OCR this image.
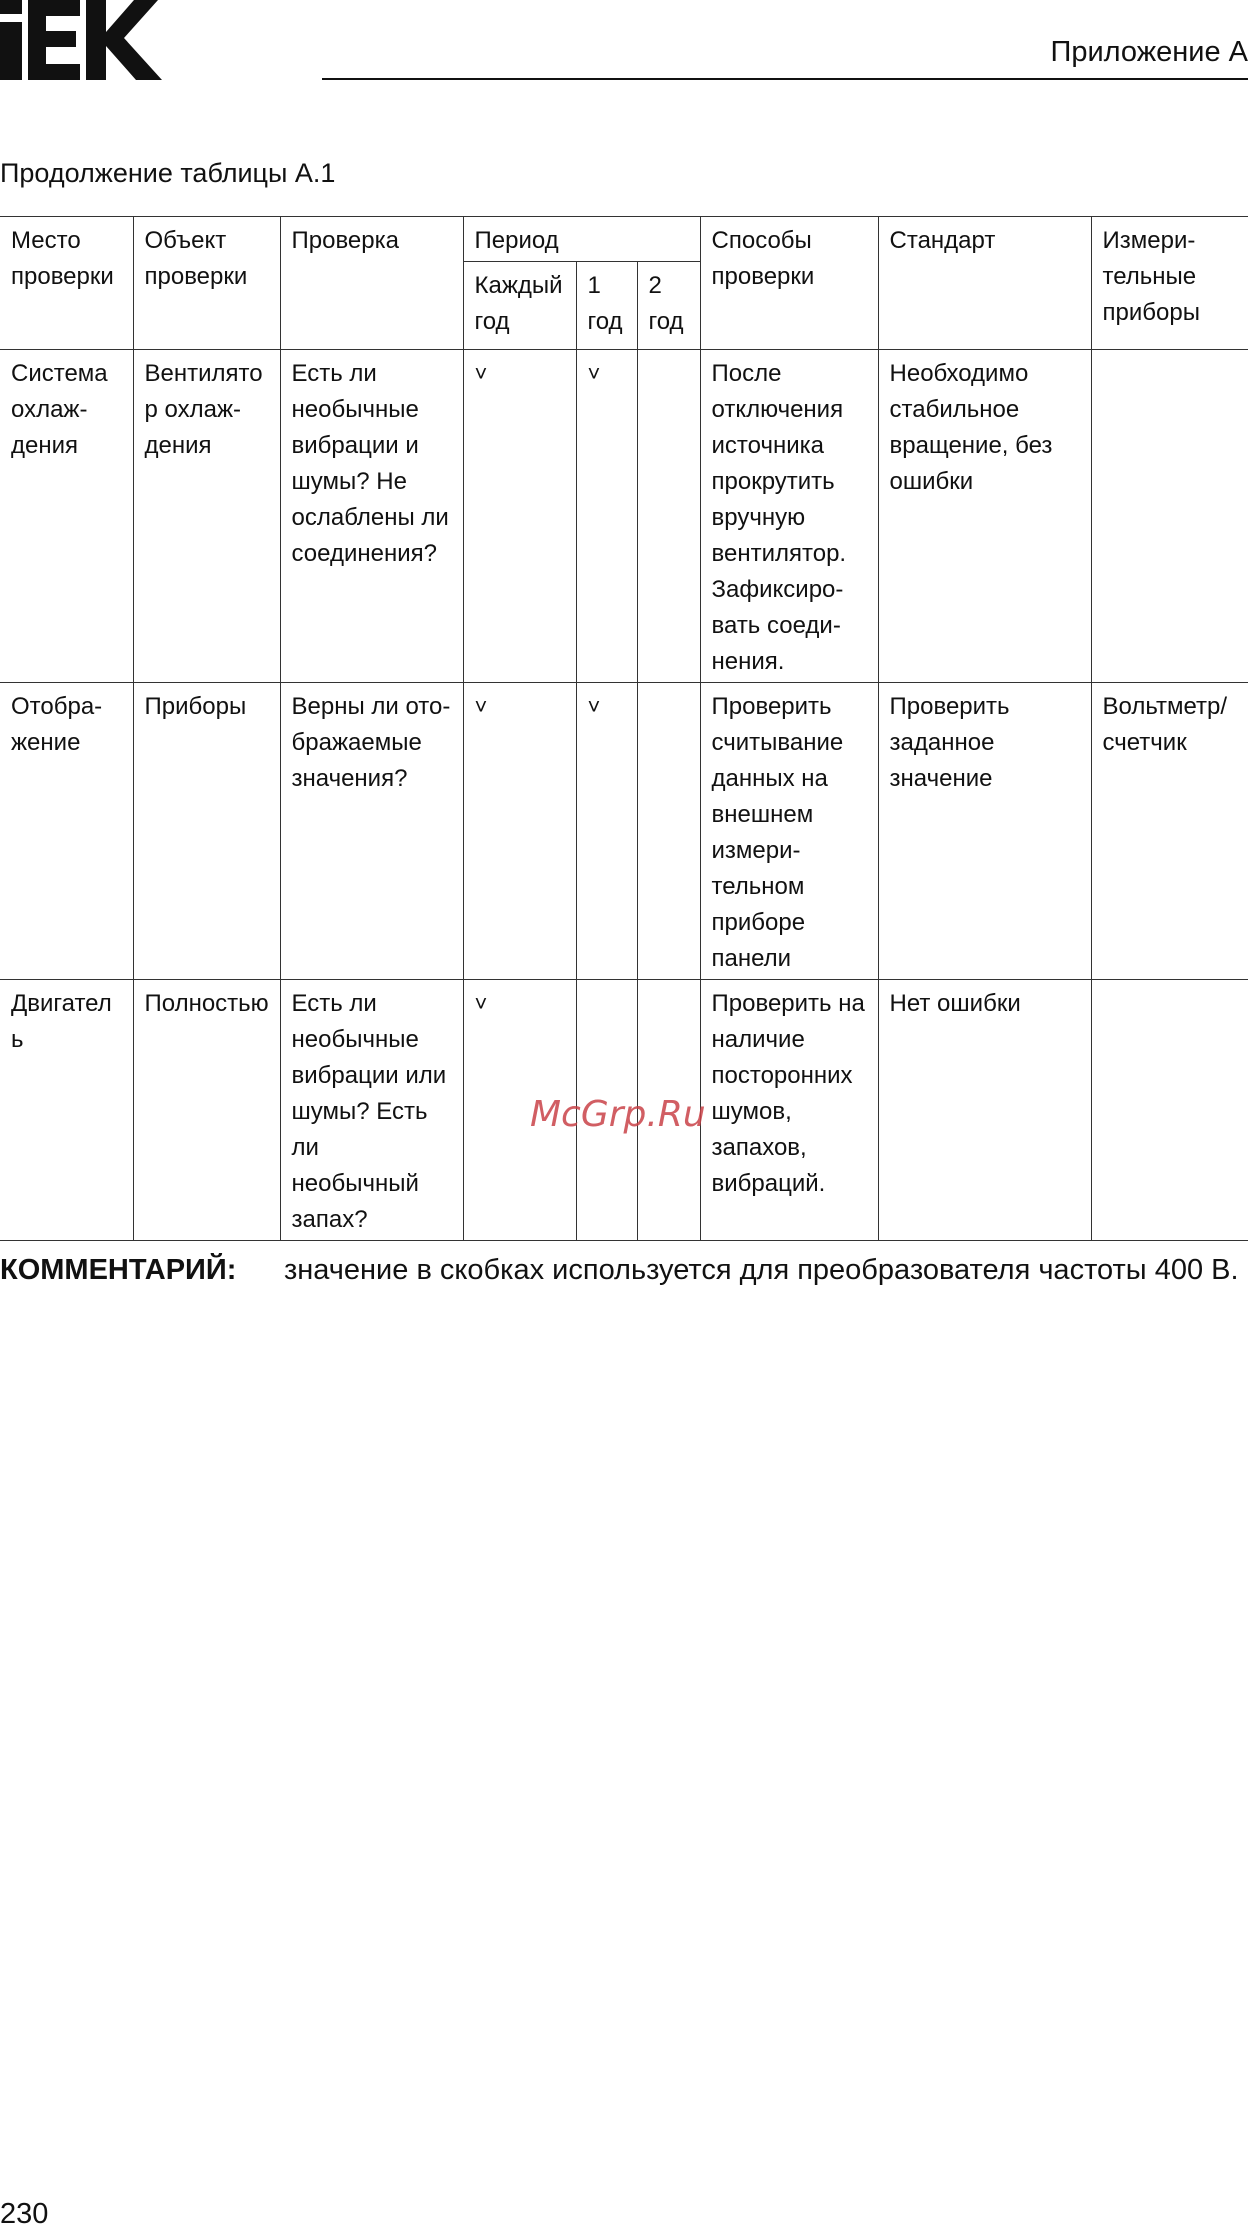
Приложение А
Продолжение таблицы А.1
Место проверки	Объект проверки	Проверка	Период			Способы проверки	Стандарт	Измери-тельные приборы
			Каждый год	1 год	2 год			
Система охлаж-дения	Вентилятор охлаж-дения	Есть ли необычные вибрации и шумы? Не ослаблены ли соединения?	˅	˅		После отключения источника прокрутить вручную вентилятор. Зафиксиро-вать соеди-нения.	Необходимо стабильное вращение, без ошибки	
Отобра-жение	Приборы	Верны ли ото-бражаемые значения?	˅	˅		Проверить считывание данных на внешнем измери-тельном приборе панели	Проверить заданное значение	Вольтметр/ счетчик
Двигатель	Полностью	Есть ли необычные вибрации или шумы? Есть ли необычный запах?	˅			Проверить на наличие посторонних шумов, запахов, вибраций.	Нет ошибки	
McGrp.Ru
КОММЕНТАРИЙ: значение в скобках используется для преобразователя частоты 400 В.
230
